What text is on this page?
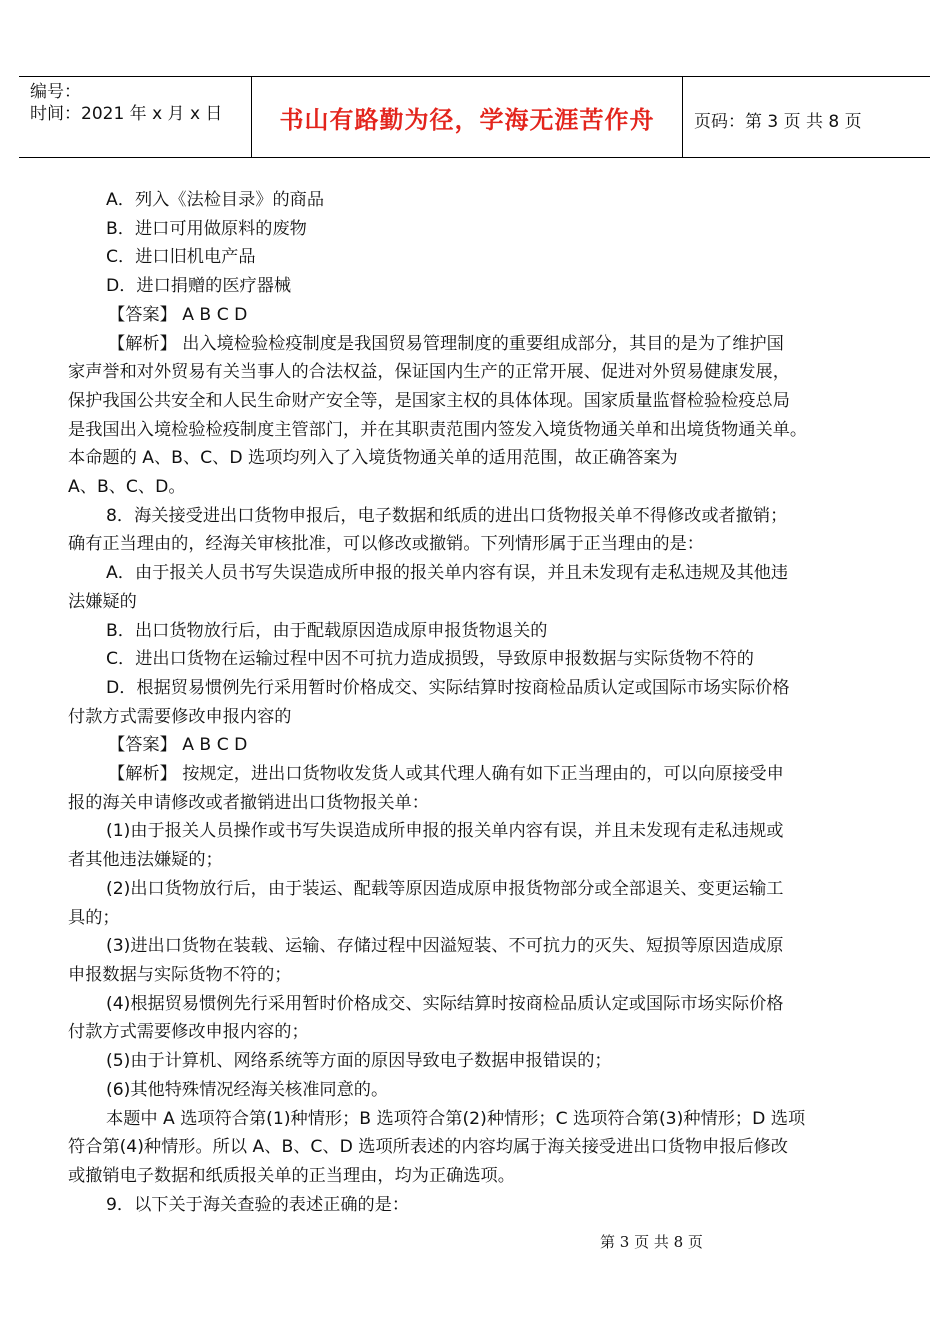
编号：
时间：2021 年 x 月 x 日	书山有路勤为径，学海无涯苦作舟	页码：第 3 页 共 8 页

A．列入《法检目录》的商品

B．进口可用做原料的废物

C．进口旧机电产品

D．进口捐赠的医疗器械

【答案】 A B C D

【解析】 出入境检验检疫制度是我国贸易管理制度的重要组成部分，其目的是为了维护国

家声誉和对外贸易有关当事人的合法权益，保证国内生产的正常开展、促进对外贸易健康发展，

保护我国公共安全和人民生命财产安全等，是国家主权的具体体现。国家质量监督检验检疫总局

是我国出入境检验检疫制度主管部门，并在其职责范围内签发入境货物通关单和出境货物通关单。

本命题的 A、B、C、D 选项均列入了入境货物通关单的适用范围，故正确答案为

A、B、C、D。

8．海关接受进出口货物申报后，电子数据和纸质的进出口货物报关单不得修改或者撤销；

确有正当理由的，经海关审核批准，可以修改或撤销。下列情形属于正当理由的是：

A．由于报关人员书写失误造成所申报的报关单内容有误，并且未发现有走私违规及其他违

法嫌疑的

B．出口货物放行后，由于配载原因造成原申报货物退关的

C．进出口货物在运输过程中因不可抗力造成损毁，导致原申报数据与实际货物不符的

D．根据贸易惯例先行采用暂时价格成交、实际结算时按商检品质认定或国际市场实际价格

付款方式需要修改申报内容的

【答案】 A B C D

【解析】 按规定，进出口货物收发货人或其代理人确有如下正当理由的，可以向原接受申

报的海关申请修改或者撤销进出口货物报关单：

(1)由于报关人员操作或书写失误造成所申报的报关单内容有误，并且未发现有走私违规或

者其他违法嫌疑的；

(2)出口货物放行后，由于装运、配载等原因造成原申报货物部分或全部退关、变更运输工

具的；

(3)进出口货物在装载、运输、存储过程中因溢短装、不可抗力的灭失、短损等原因造成原

申报数据与实际货物不符的；

(4)根据贸易惯例先行采用暂时价格成交、实际结算时按商检品质认定或国际市场实际价格

付款方式需要修改申报内容的；

(5)由于计算机、网络系统等方面的原因导致电子数据申报错误的；

(6)其他特殊情况经海关核准同意的。

本题中 A 选项符合第(1)种情形；B 选项符合第(2)种情形；C 选项符合第(3)种情形；D 选项

符合第(4)种情形。所以 A、B、C、D 选项所表述的内容均属于海关接受进出口货物申报后修改

或撤销电子数据和纸质报关单的正当理由，均为正确选项。

9．以下关于海关查验的表述正确的是：

第 3 页 共 8 页
